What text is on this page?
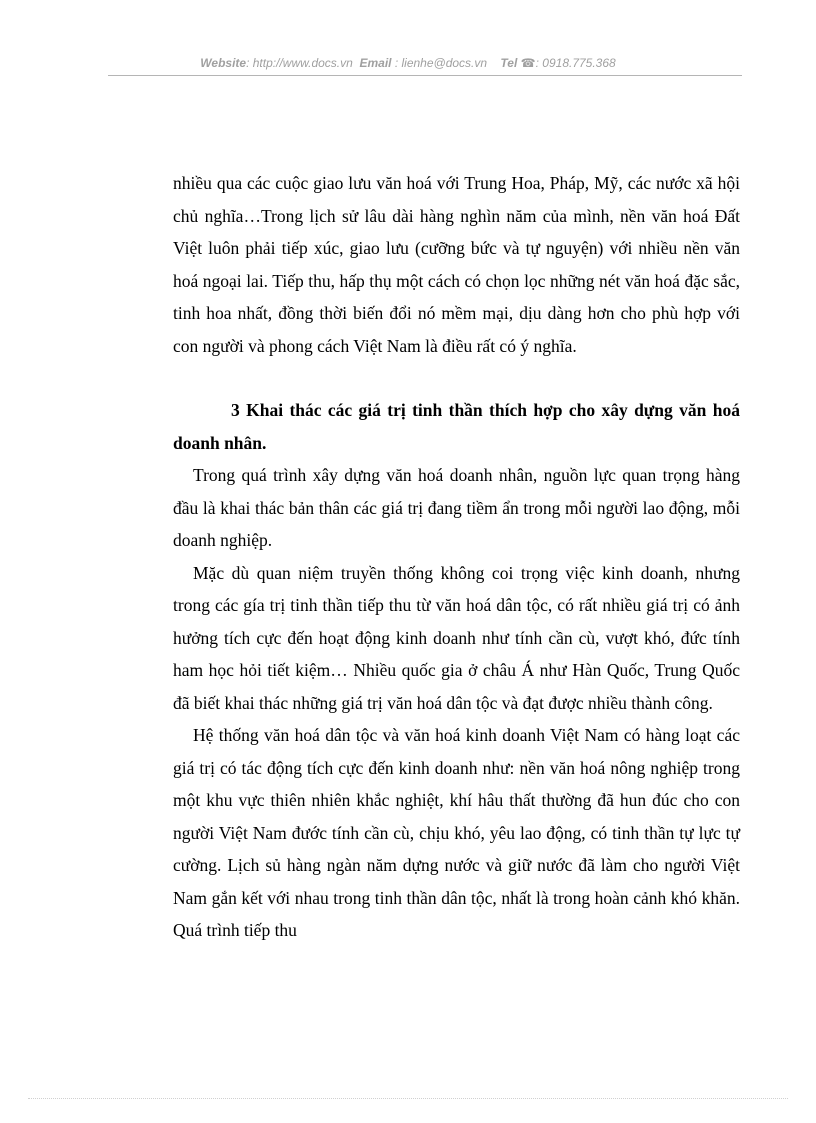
Website: http://www.docs.vn Email : lienhe@docs.vn Tel ☎: 0918.775.368

nhiều qua các cuộc giao lưu văn hoá với Trung Hoa, Pháp, Mỹ, các nước xã hội chủ nghĩa…Trong lịch sử lâu dài hàng nghìn năm của mình, nền văn hoá Đất Việt luôn phải tiếp xúc, giao lưu (cưỡng bức và tự nguyện) với nhiều nền văn hoá ngoại lai. Tiếp thu, hấp thụ một cách có chọn lọc những nét văn hoá đặc sắc, tinh hoa nhất, đồng thời biến đổi nó mềm mại, dịu dàng hơn cho phù hợp với con người và phong cách Việt Nam là điều rất có ý nghĩa.

3 Khai thác các giá trị tinh thần thích hợp cho xây dựng văn hoá doanh nhân.

Trong quá trình xây dựng văn hoá doanh nhân, nguồn lực quan trọng hàng đầu là khai thác bản thân các giá trị đang tiềm ẩn trong mỗi người lao động, mỗi doanh nghiệp.

Mặc dù quan niệm truyền thống không coi trọng việc kinh doanh, nhưng trong các gía trị tinh thần tiếp thu từ văn hoá dân tộc, có rất nhiều giá trị có ảnh hưởng tích cực đến hoạt động kinh doanh như tính cần cù, vượt khó, đức tính ham học hỏi tiết kiệm… Nhiều quốc gia ở châu Á như Hàn Quốc, Trung Quốc đã biết khai thác những giá trị văn hoá dân tộc và đạt được nhiều thành công.

Hệ thống văn hoá dân tộc và văn hoá kinh doanh Việt Nam có hàng loạt các giá trị có tác động tích cực đến kinh doanh như: nền văn hoá nông nghiệp trong một khu vực thiên nhiên khắc nghiệt, khí hâu thất thường đã hun đúc cho con người Việt Nam đước tính cần cù, chịu khó, yêu lao động, có tinh thần tự lực tự cường. Lịch sủ hàng ngàn năm dựng nước và giữ nước đã làm cho người Việt Nam gắn kết với nhau trong tinh thần dân tộc, nhất là trong hoàn cảnh khó khăn. Quá trình tiếp thu
